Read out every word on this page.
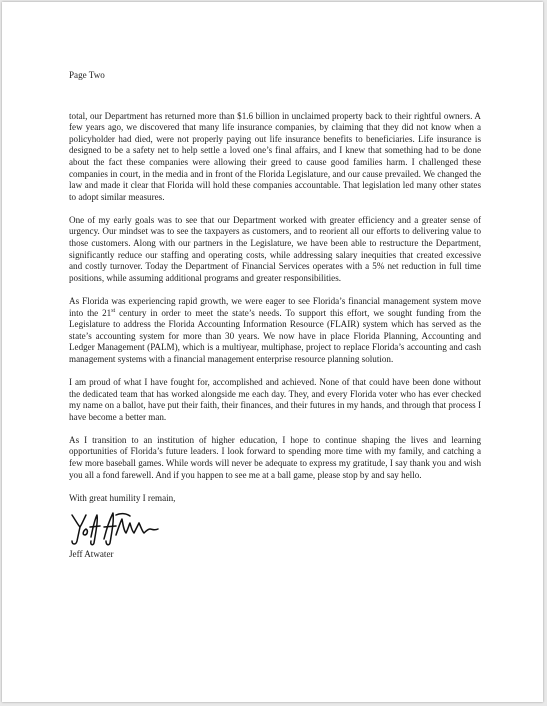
Page Two

total, our Department has returned more than $1.6 billion in unclaimed property back to their rightful owners. A few years ago, we discovered that many life insurance companies, by claiming that they did not know when a policyholder had died, were not properly paying out life insurance benefits to beneficiaries. Life insurance is designed to be a safety net to help settle a loved one’s final affairs, and I knew that something had to be done about the fact these companies were allowing their greed to cause good families harm. I challenged these companies in court, in the media and in front of the Florida Legislature, and our cause prevailed. We changed the law and made it clear that Florida will hold these companies accountable. That legislation led many other states to adopt similar measures.

One of my early goals was to see that our Department worked with greater efficiency and a greater sense of urgency. Our mindset was to see the taxpayers as customers, and to reorient all our efforts to delivering value to those customers. Along with our partners in the Legislature, we have been able to restructure the Department, significantly reduce our staffing and operating costs, while addressing salary inequities that created excessive and costly turnover. Today the Department of Financial Services operates with a 5% net reduction in full time positions, while assuming additional programs and greater responsibilities.

As Florida was experiencing rapid growth, we were eager to see Florida’s financial management system move into the 21st century in order to meet the state’s needs. To support this effort, we sought funding from the Legislature to address the Florida Accounting Information Resource (FLAIR) system which has served as the state’s accounting system for more than 30 years. We now have in place Florida Planning, Accounting and Ledger Management (PALM), which is a multiyear, multiphase, project to replace Florida’s accounting and cash management systems with a financial management enterprise resource planning solution.

I am proud of what I have fought for, accomplished and achieved. None of that could have been done without the dedicated team that has worked alongside me each day. They, and every Florida voter who has ever checked my name on a ballot, have put their faith, their finances, and their futures in my hands, and through that process I have become a better man.

As I transition to an institution of higher education, I hope to continue shaping the lives and learning opportunities of Florida’s future leaders. I look forward to spending more time with my family, and catching a few more baseball games. While words will never be adequate to express my gratitude, I say thank you and wish you all a fond farewell. And if you happen to see me at a ball game, please stop by and say hello.

With great humility I remain,

Jeff Atwater
